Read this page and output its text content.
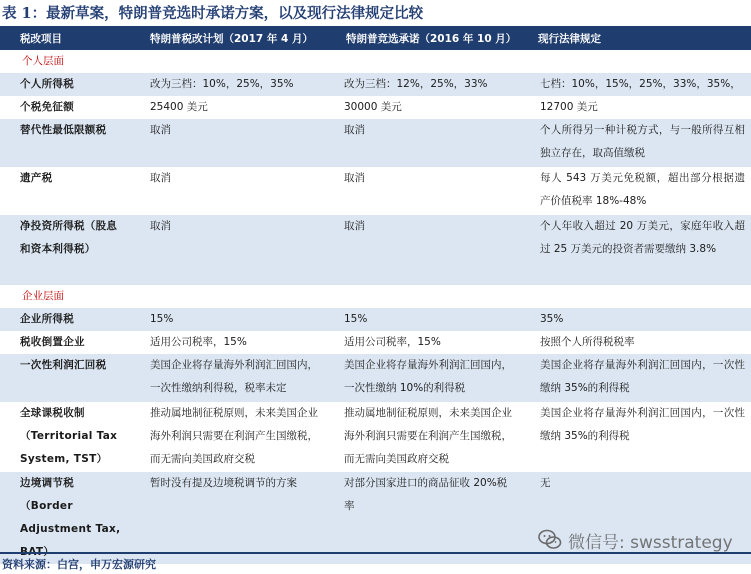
表 1：最新草案，特朗普竞选时承诺方案，以及现行法律规定比较
税改项目	特朗普税改计划（2017 年 4 月）	特朗普竞选承诺（2016 年 10 月）	现行法律规定
个人层面			
个人所得税	改为三档：10%，25%，35%	改为三档：12%，25%，33%	七档：10%，15%，25%，33%，35%，
个税免征额	25400 美元	30000 美元	12700 美元
替代性最低限额税	取消	取消	个人所得另一种计税方式，与一般所得互相独立存在，取高值缴税
遗产税	取消	取消	每人 543 万美元免税额，超出部分根据遗产价值税率 18%-48%
净投资所得税（股息和资本利得税）	取消	取消	个人年收入超过 20 万美元，家庭年收入超过 25 万美元的投资者需要缴纳 3.8%
企业层面			
企业所得税	15%	15%	35%
税收倒置企业	适用公司税率，15%	适用公司税率，15%	按照个人所得税税率
一次性利润汇回税	美国企业将存量海外利润汇回国内，一次性缴纳利得税，税率未定	美国企业将存量海外利润汇回国内，一次性缴纳 10%的利得税	美国企业将存量海外利润汇回国内，一次性缴纳 35%的利得税
全球课税收制（Territorial Tax System, TST）	推动属地制征税原则，未来美国企业海外利润只需要在利润产生国缴税，而无需向美国政府交税	推动属地制征税原则，未来美国企业海外利润只需要在利润产生国缴税，而无需向美国政府交税	美国企业将存量海外利润汇回国内，一次性缴纳 35%的利得税
边境调节税（Border Adjustment Tax,	暂时没有提及边境税调节的方案	对部分国家进口的商品征收 20%税率	无
微信号: swsstrategy
资料来源：白宫，申万宏源研究
